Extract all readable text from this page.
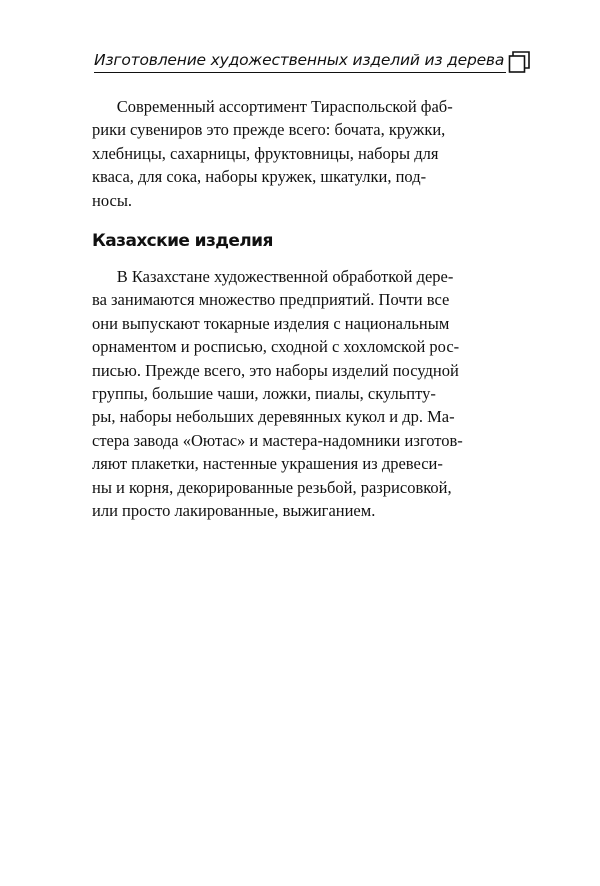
Изготовление художественных изделий из дерева
  Современный ассортимент Тираспольской фаб-
рики сувениров это прежде всего: бочата, кружки,
хлебницы, сахарницы, фруктовницы, наборы для
кваса, для сока, наборы кружек, шкатулки, под-
носы.
Казахские изделия
  В Казахстане художественной обработкой дере-
ва занимаются множество предприятий. Почти все
они выпускают токарные изделия с национальным
орнаментом и росписью, сходной с хохломской рос-
писью. Прежде всего, это наборы изделий посудной
группы, большие чаши, ложки, пиалы, скульпту-
ры, наборы небольших деревянных кукол и др. Ма-
стера завода «Оютас» и мастера-надомники изготов-
ляют плакетки, настенные украшения из древеси-
ны и корня, декорированные резьбой, разрисовкой,
или просто лакированные, выжиганием.
